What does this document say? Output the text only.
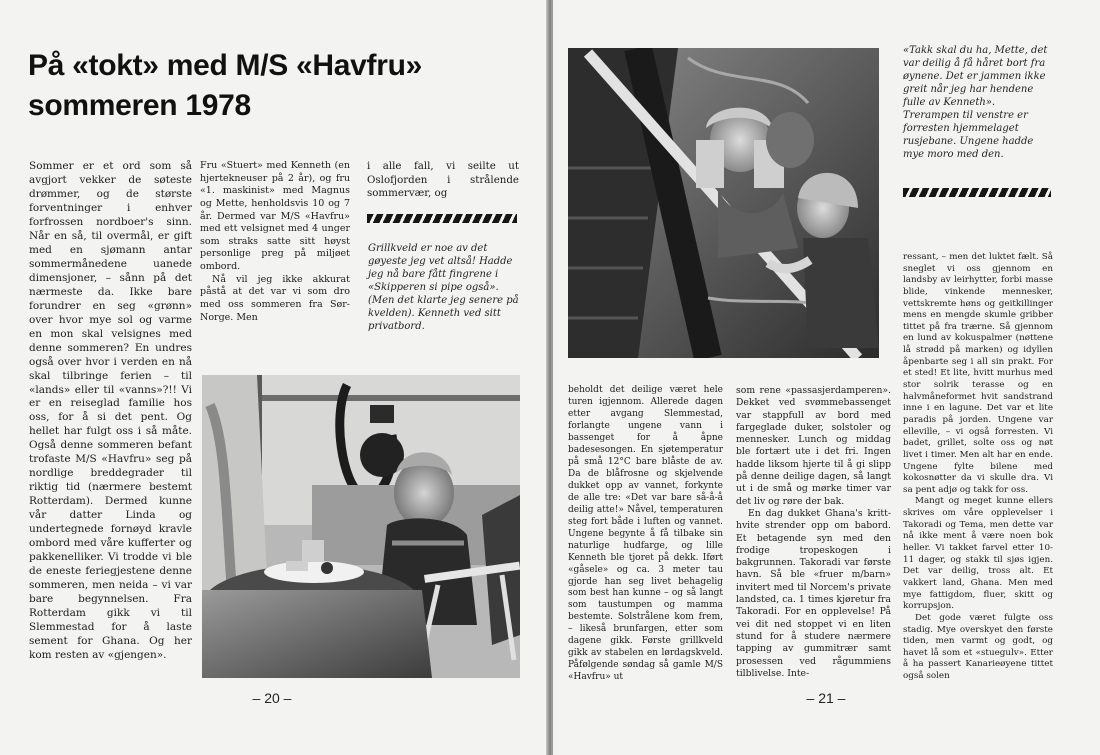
På «tokt» med M/S «Havfru»
sommeren 1978

Sommer er et ord som så avgjort vekker de søteste drømmer, og de største forventninger i enhver forfrossen nordboer's sinn. Når en så, til overmål, er gift med en sjømann antar sommermånedene uanede dimensjoner, – sånn på det nærmeste da. Ikke bare forundrer en seg «grønn» over hvor mye sol og varme en mon skal velsignes med denne sommeren? En undres også over hvor i verden en nå skal tilbringe ferien – til «lands» eller til «vanns»?!! Vi er en reiseglad familie hos oss, for å si det pent. Og hellet har fulgt oss i så måte. Også denne sommeren befant trofaste M/S «Havfru» seg på nordlige breddegrader til riktig tid (nærmere bestemt Rotterdam). Dermed kunne vår datter Linda og undertegnede fornøyd kravle ombord med våre kufferter og pakkenelliker. Vi trodde vi ble de eneste feriegjestene denne sommeren, men neida – vi var bare begynnelsen. Fra Rotterdam gikk vi til Slemmestad for å laste sement for Ghana. Og her kom resten av «gjengen».

Fru «Stuert» med Kenneth (en hjertekneuser på 2 år), og fru «1. maskinist» med Magnus og Mette, henholdsvis 10 og 7 år. Dermed var M/S «Havfru» med ett velsignet med 4 unger som straks satte sitt høyst personlige preg på miljøet ombord.

Nå vil jeg ikke akkurat påstå at det var vi som dro med oss sommeren fra Sør-Norge. Men

i alle fall, vi seilte ut Oslofjorden i strålende sommervær, og

Grillkveld er noe av det gøyeste jeg vet altså! Hadde jeg nå bare fått fingrene i «Skipperen si pipe også». (Men det klarte jeg senere på kvelden). Kenneth ved sitt privatbord.
– 20 –
«Takk skal du ha, Mette, det var deilig å få håret bort fra øynene. Det er jammen ikke greit når jeg har hendene fulle av Kenneth». Trerampen til venstre er forresten hjemmelaget rusjebane. Ungene hadde mye moro med den.

beholdt det deilige været hele turen igjennom. Allerede dagen etter avgang Slemmestad, forlangte ungene vann i bassenget for å åpne badesesongen. En sjøtemperatur på små 12°C bare blåste de av. Da de blåfrosne og skjelvende dukket opp av vannet, forkynte de alle tre: «Det var bare så-å-å deilig atte!» Nåvel, temperaturen steg fort både i luften og vannet. Ungene begynte å få tilbake sin naturlige hudfarge, og lille Kenneth ble tjoret på dekk. Iført «gåsele» og ca. 3 meter tau gjorde han seg livet behagelig som best han kunne – og så langt som taustumpen og mamma bestemte. Solstrålene kom frem, – likeså brunfargen, etter som dagene gikk. Første grillkveld gikk av stabelen en lørdagskveld. Påfølgende søndag så gamle M/S «Havfru» ut

som rene «passasjerdamperen». Dekket ved svømmebassenget var stappfull av bord med fargeglade duker, solstoler og mennesker. Lunch og middag ble fortært ute i det fri. Ingen hadde liksom hjerte til å gi slipp på denne deilige dagen, så langt ut i de små og mørke timer var det liv og røre der bak.

En dag dukket Ghana's kritt-hvite strender opp om babord. Et betagende syn med den frodige tropeskogen i bakgrunnen. Takoradi var første havn. Så ble «fruer m/barn» invitert med til Norcem's private landsted, ca. 1 times kjøretur fra Takoradi. For en opplevelse! På vei dit ned stoppet vi en liten stund for å studere nærmere tapping av gummitrær samt prosessen ved rågummiens tilblivelse. Inte-

ressant, – men det luktet fælt. Så sneglet vi oss gjennom en landsby av leirhytter, forbi masse blide, vinkende mennesker, vettskremte høns og geitkillinger mens en mengde skumle gribber tittet på fra trærne. Så gjennom en lund av kokuspalmer (nøttene lå strødd på marken) og idyllen åpenbarte seg i all sin prakt. For et sted! Et lite, hvitt murhus med stor solrik terasse og en halvmåneformet hvit sandstrand inne i en lagune. Det var et lite paradis på jorden. Ungene var elleville, – vi også forresten. Vi badet, grillet, solte oss og nøt livet i timer. Men alt har en ende. Ungene fylte bilene med kokosnøtter da vi skulle dra. Vi sa pent adjø og takk for oss.

Mangt og meget kunne ellers skrives om våre opplevelser i Takoradi og Tema, men dette var nå ikke ment å være noen bok heller. Vi takket farvel etter 10-11 dager, og stakk til sjøs igjen. Det var deilig, tross alt. Et vakkert land, Ghana. Men med mye fattigdom, fluer, skitt og korrupsjon.

Det gode været fulgte oss stadig. Mye overskyet den første tiden, men varmt og godt, og havet lå som et «stuegulv». Etter å ha passert Kanarieøyene tittet også solen

– 21 –
